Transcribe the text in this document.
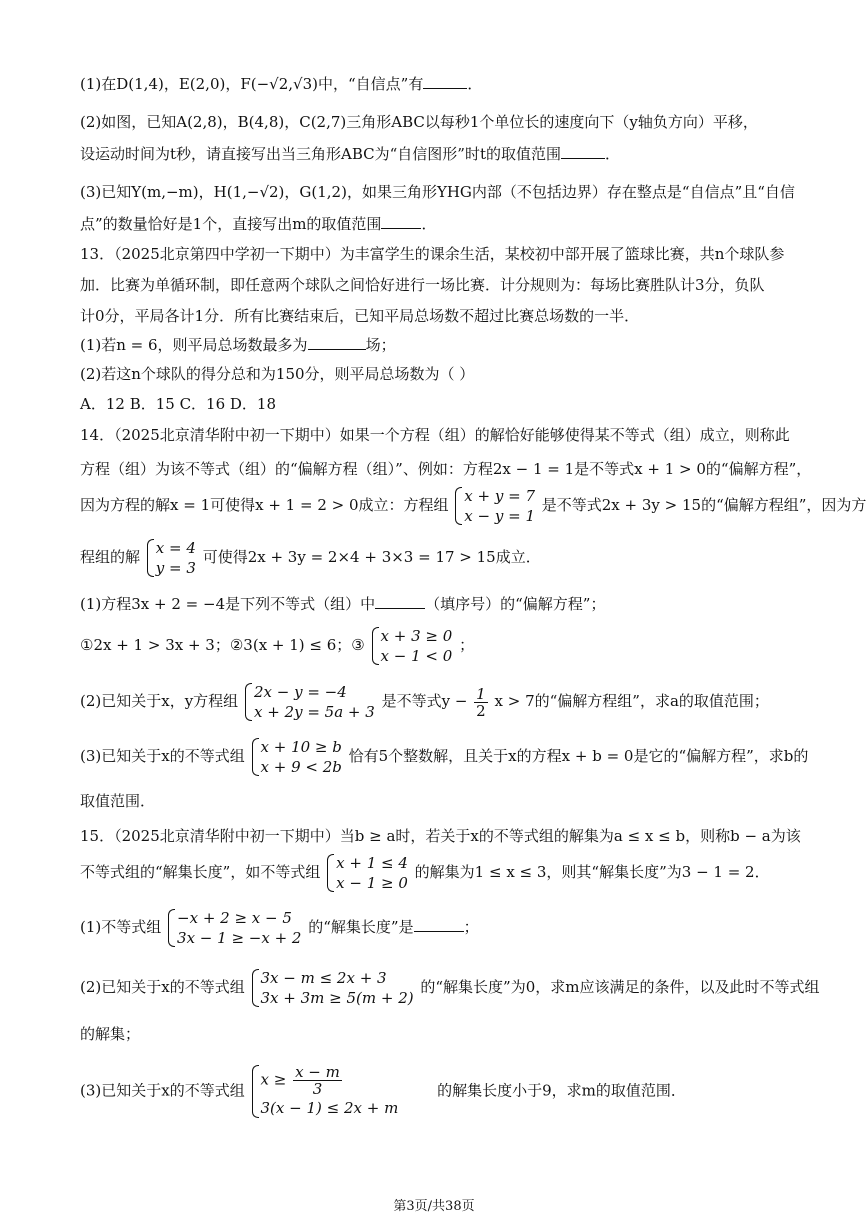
(1)在D(1,4)，E(2,0)，F(−√2,√3)中，“自信点”有	．
(2)如图，已知A(2,8)，B(4,8)，C(2,7)三角形ABC以每秒1个单位长的速度向下（y轴负方向）平移，
设运动时间为t秒，请直接写出当三角形ABC为“自信图形”时t的取值范围	．
(3)已知Y(m,−m)，H(1,−√2)，G(1,2)，如果三角形YHG内部（不包括边界）存在整点是“自信点”且“自信
点”的数量恰好是1个，直接写出m的取值范围	．
13．（2025北京第四中学初一下期中）为丰富学生的课余生活，某校初中部开展了篮球比赛，共n个球队参
加．比赛为单循环制，即任意两个球队之间恰好进行一场比赛．计分规则为：每场比赛胜队计3分，负队
计0分，平局各计1分．所有比赛结束后，已知平局总场数不超过比赛总场数的一半．
(1)若n = 6，则平局总场数最多为	场；
(2)若这n个球队的得分总和为150分，则平局总场数为（ ）
A．12 B．15 C．16 D．18
14．（2025北京清华附中初一下期中）如果一个方程（组）的解恰好能够使得某不等式（组）成立，则称此
方程（组）为该不等式（组）的“偏解方程（组）”、例如：方程2x − 1 = 1是不等式x + 1 > 0的“偏解方程”，
因为方程的解x = 1可使得x + 1 = 2 > 0成立：方程组 x + y = 7
x − y = 1
是不等式2x + 3y > 15的“偏解方程组”，因为方
程组的解 x = 4
y = 3
可使得2x + 3y = 2×4 + 3×3 = 17 > 15成立．
(1)方程3x + 2 = −4是下列不等式（组）中	（填序号）的“偏解方程”；
①2x + 1 > 3x + 3；②3(x + 1) ≤ 6；③ x + 3 ≥ 0
x − 1 < 0
；
(2)已知关于x，y方程组 2x − y = −4
x + 2y = 5a + 3
是不等式$y - \frac{1}{2}$ x > 7的“偏解方程组”，求a的取值范围；
(3)已知关于x的不等式组 x + 10 ≥ b
x + 9 < 2b
恰有5个整数解，且关于x的方程x + b = 0是它的“偏解方程”，求b的
取值范围．
15．（2025北京清华附中初一下期中）当b ≥ a时，若关于x的不等式组的解集为a ≤ x ≤ b，则称b − a为该
不等式组的“解集长度”，如不等式组 x + 1 ≤ 4
x − 1 ≥ 0
的解集为1 ≤ x ≤ 3，则其“解集长度”为3 − 1 = 2．
(1)不等式组 −x + 2 ≥ x − 5
3x − 1 ≥ −x + 2
的“解集长度”是	；
(2)已知关于x的不等式组 3x − m ≤ 2x + 3
3x + 3m ≥ 5(m + 2)
的“解集长度”为0，求m应该满足的条件，以及此时不等式组
的解集；
(3)已知关于x的不等式组
$x \ge \frac{x - m}{3}$
3(x − 1) ≤ 2x + m
的解集长度小于9，求m的取值范围．
第3页/共38页
